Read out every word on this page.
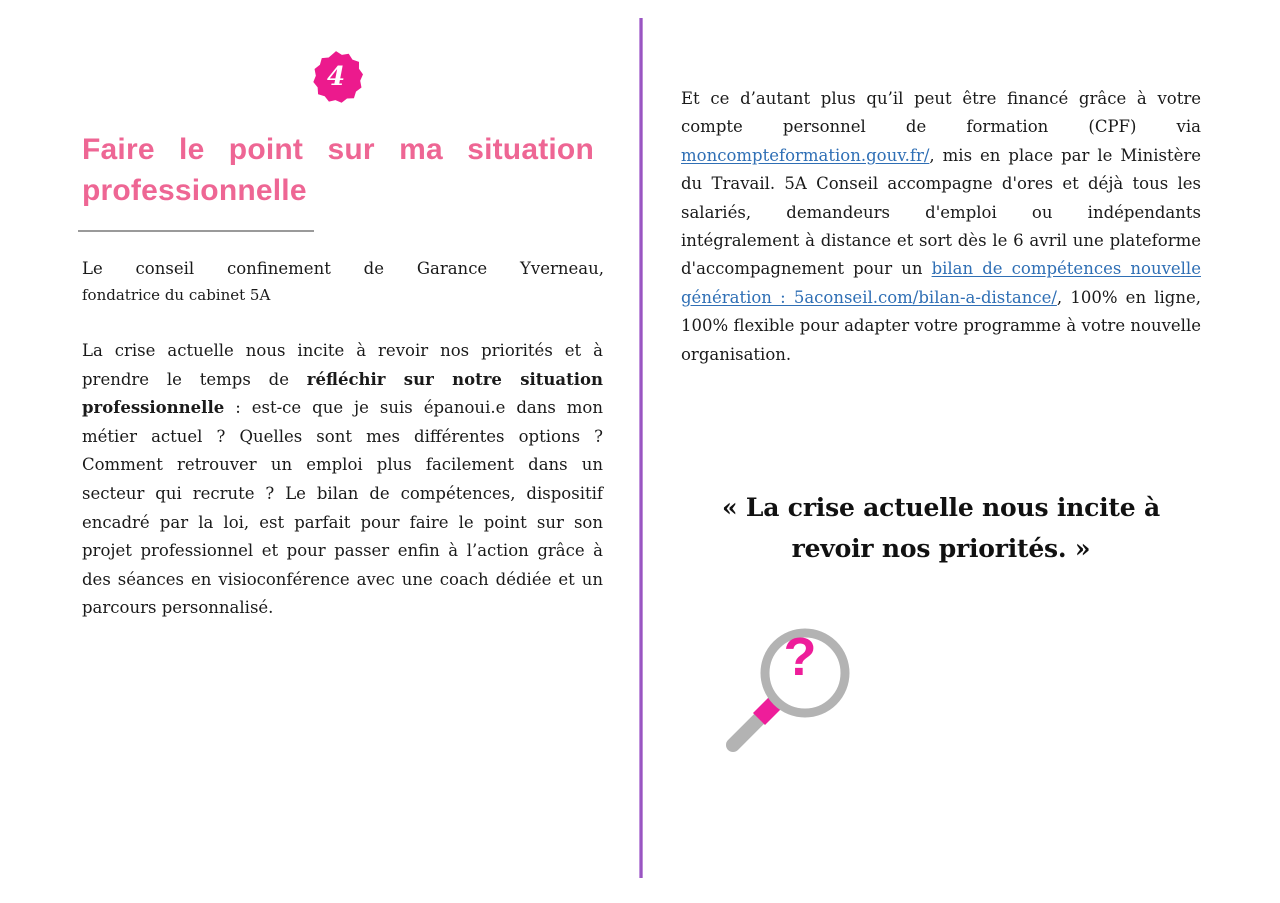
4
Faire le point sur ma situation professionnelle

Le conseil confinement de Garance Yverneau,
fondatrice du cabinet 5A

La crise actuelle nous incite à revoir nos priorités et à prendre le temps de réfléchir sur notre situation professionnelle : est-ce que je suis épanoui.e dans mon métier actuel ? Quelles sont mes différentes options ? Comment retrouver un emploi plus facilement dans un secteur qui recrute ? Le bilan de compétences, dispositif encadré par la loi, est parfait pour faire le point sur son projet professionnel et pour passer enfin à l’action grâce à des séances en visioconférence avec une coach dédiée et un parcours personnalisé.

Et ce d’autant plus qu’il peut être financé grâce à votre compte personnel de formation (CPF) via moncompteformation.gouv.fr/, mis en place par le Ministère du Travail. 5A Conseil accompagne d'ores et déjà tous les salariés, demandeurs d'emploi ou indépendants intégralement à distance et sort dès le 6 avril une plateforme d'accompagnement pour un bilan de compétences nouvelle génération : 5aconseil.com/bilan-a-distance/, 100% en ligne, 100% flexible pour adapter votre programme à votre nouvelle organisation.

« La crise actuelle nous incite à revoir nos priorités. »
?
